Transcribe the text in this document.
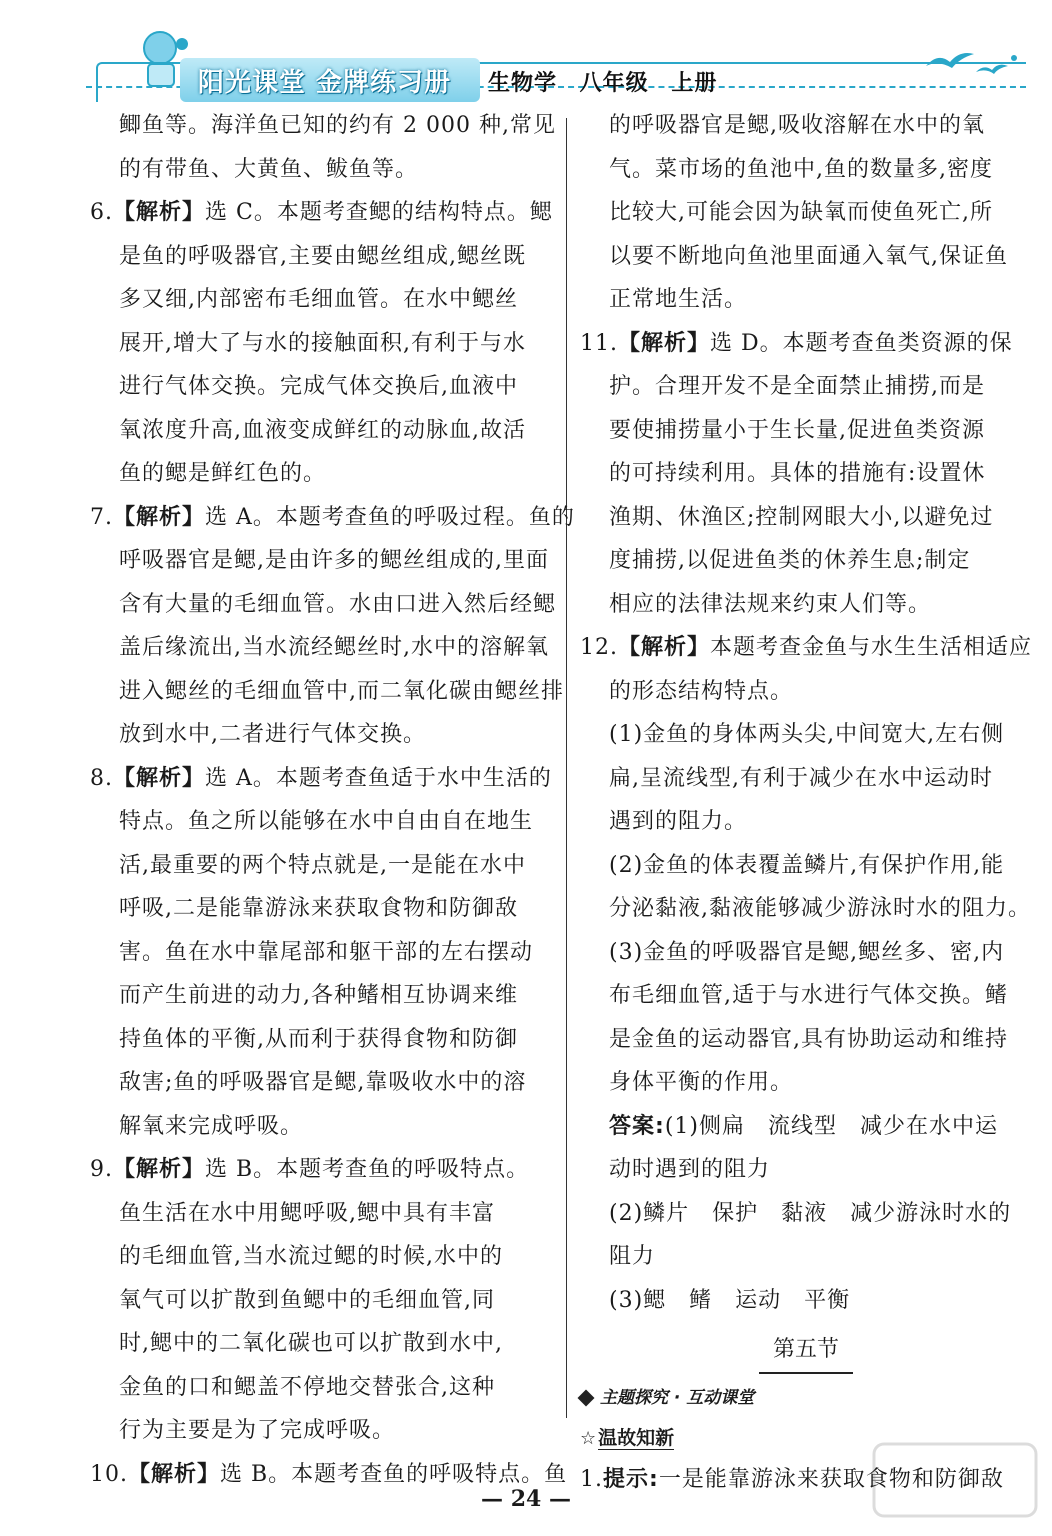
阳光课堂 金牌练习册 生物学 八年级 上册
鲫鱼等。海洋鱼已知的约有 2 000 种,常见
的有带鱼、大黄鱼、鲅鱼等。
6.【解析】选 C。本题考查鳃的结构特点。鳃
是鱼的呼吸器官,主要由鳃丝组成,鳃丝既
多又细,内部密布毛细血管。在水中鳃丝
展开,增大了与水的接触面积,有利于与水
进行气体交换。完成气体交换后,血液中
氧浓度升高,血液变成鲜红的动脉血,故活
鱼的鳃是鲜红色的。
7.【解析】选 A。本题考查鱼的呼吸过程。鱼的
呼吸器官是鳃,是由许多的鳃丝组成的,里面
含有大量的毛细血管。水由口进入然后经鳃
盖后缘流出,当水流经鳃丝时,水中的溶解氧
进入鳃丝的毛细血管中,而二氧化碳由鳃丝排
放到水中,二者进行气体交换。
8.【解析】选 A。本题考查鱼适于水中生活的
特点。鱼之所以能够在水中自由自在地生
活,最重要的两个特点就是,一是能在水中
呼吸,二是能靠游泳来获取食物和防御敌
害。鱼在水中靠尾部和躯干部的左右摆动
而产生前进的动力,各种鳍相互协调来维
持鱼体的平衡,从而利于获得食物和防御
敌害;鱼的呼吸器官是鳃,靠吸收水中的溶
解氧来完成呼吸。
9.【解析】选 B。本题考查鱼的呼吸特点。
鱼生活在水中用鳃呼吸,鳃中具有丰富
的毛细血管,当水流过鳃的时候,水中的
氧气可以扩散到鱼鳃中的毛细血管,同
时,鳃中的二氧化碳也可以扩散到水中,
金鱼的口和鳃盖不停地交替张合,这种
行为主要是为了完成呼吸。
10.【解析】选 B。本题考查鱼的呼吸特点。鱼
的呼吸器官是鳃,吸收溶解在水中的氧
气。菜市场的鱼池中,鱼的数量多,密度
比较大,可能会因为缺氧而使鱼死亡,所
以要不断地向鱼池里面通入氧气,保证鱼
正常地生活。
11.【解析】选 D。本题考查鱼类资源的保
护。合理开发不是全面禁止捕捞,而是
要使捕捞量小于生长量,促进鱼类资源
的可持续利用。具体的措施有:设置休
渔期、休渔区;控制网眼大小,以避免过
度捕捞,以促进鱼类的休养生息;制定
相应的法律法规来约束人们等。
12.【解析】本题考查金鱼与水生生活相适应
的形态结构特点。
(1)金鱼的身体两头尖,中间宽大,左右侧
扁,呈流线型,有利于减少在水中运动时
遇到的阻力。
(2)金鱼的体表覆盖鳞片,有保护作用,能
分泌黏液,黏液能够减少游泳时水的阻力。
(3)金鱼的呼吸器官是鳃,鳃丝多、密,内
布毛细血管,适于与水进行气体交换。鳍
是金鱼的运动器官,具有协助运动和维持
身体平衡的作用。
答案:(1)侧扁　流线型　减少在水中运
动时遇到的阻力
(2)鳞片　保护　黏液　减少游泳时水的
阻力
(3)鳃　鳍　运动　平衡
第五节
主题探究 · 互动课堂
☆ 温故知新
1.提示:一是能靠游泳来获取食物和防御敌
— 24 —
